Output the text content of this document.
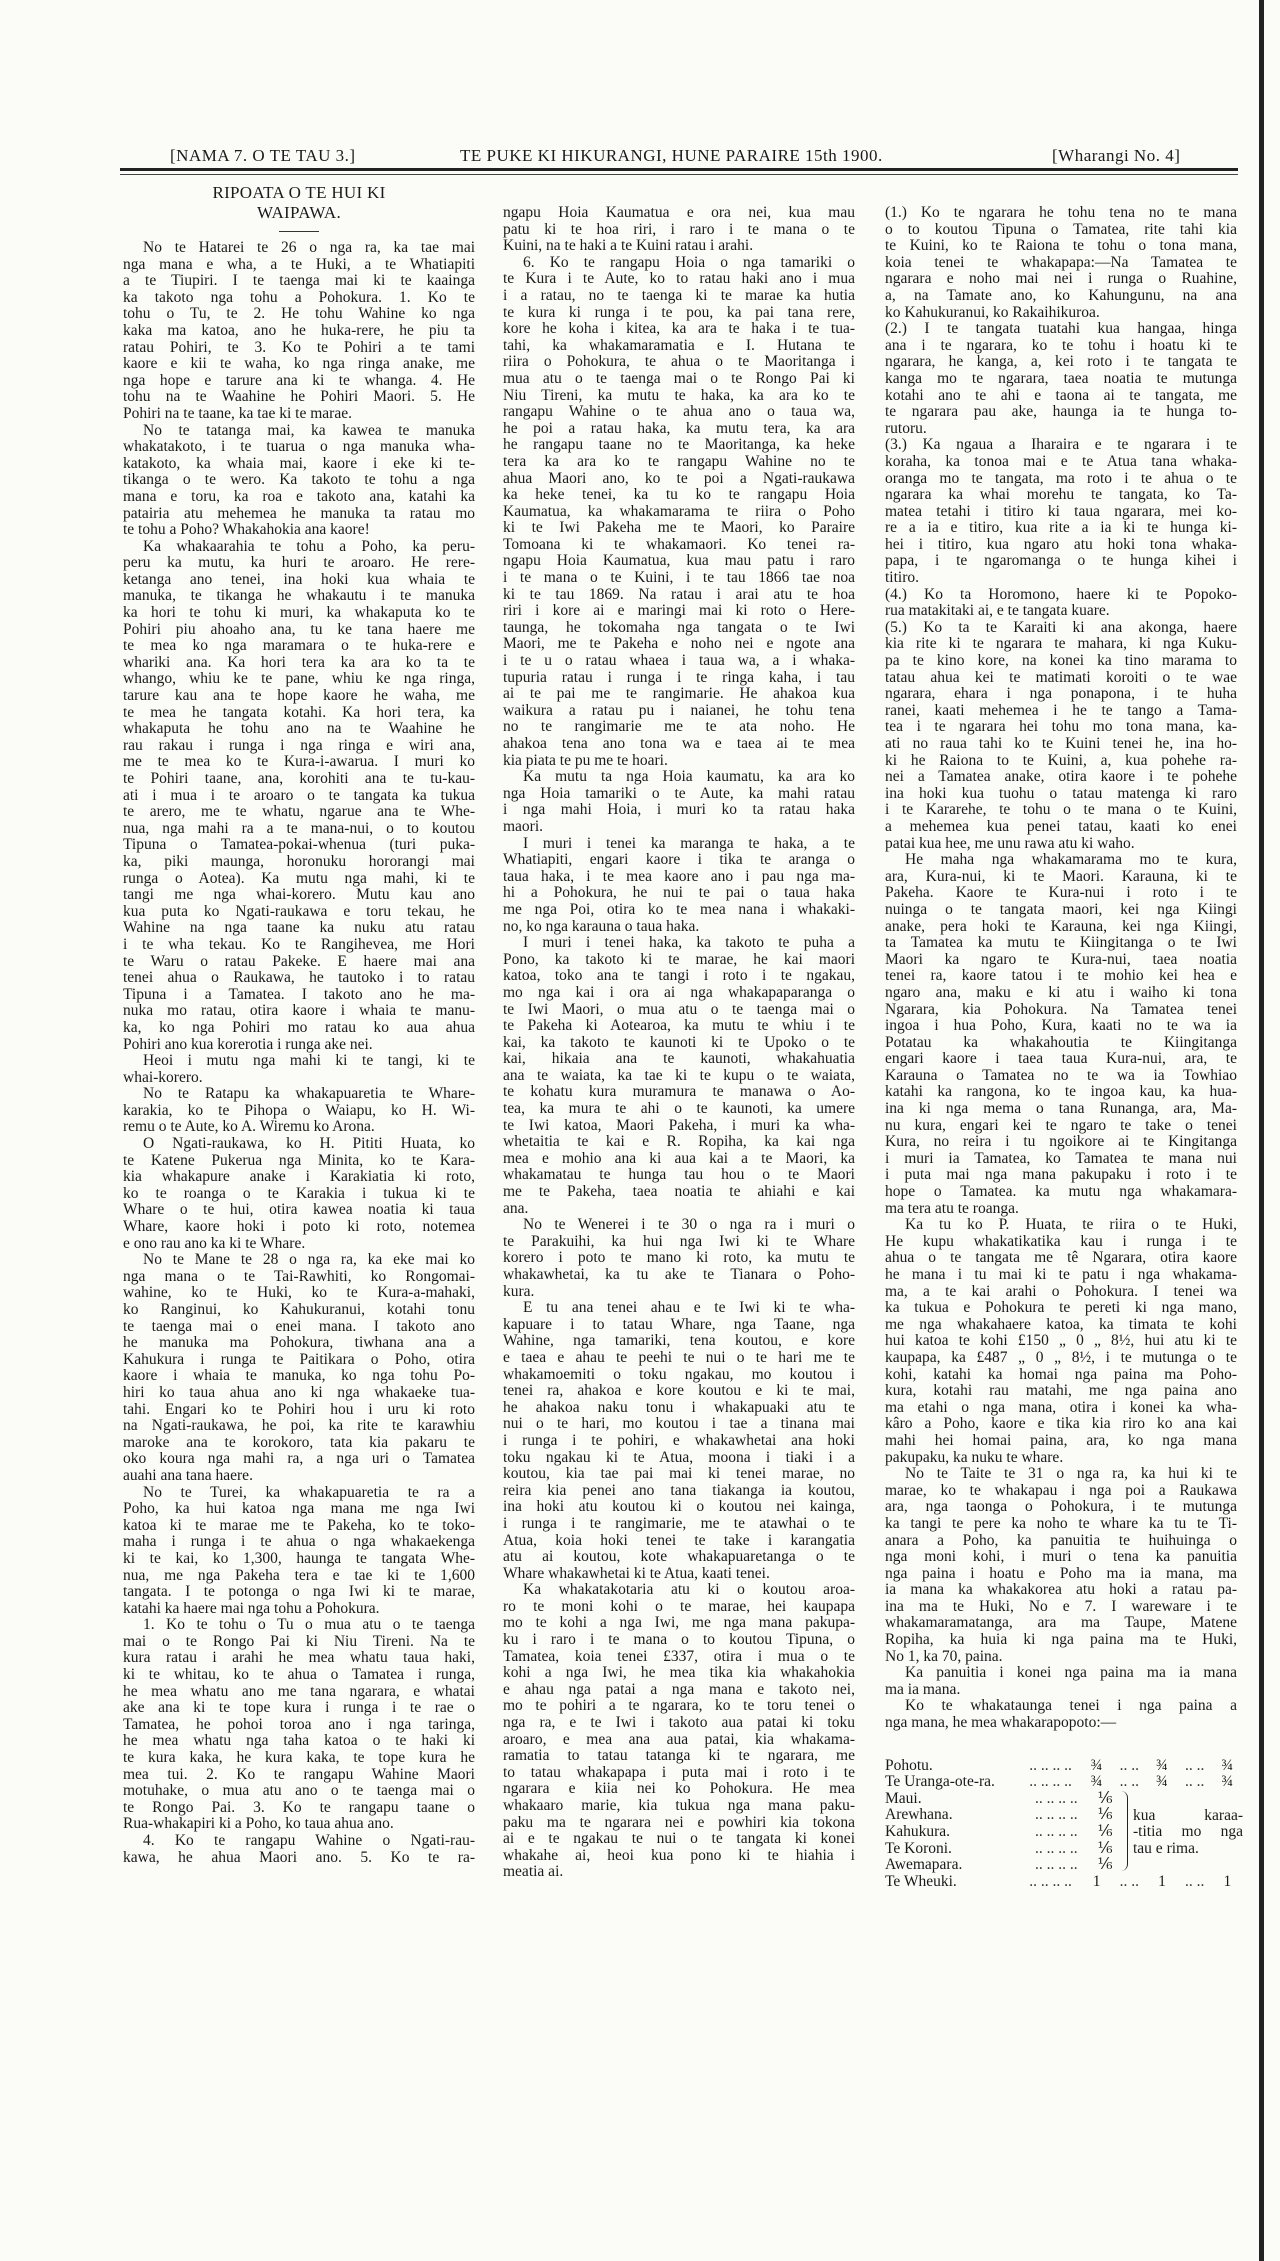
[NAMA 7. O TE TAU 3.]	TE PUKE KI HIKURANGI, HUNE PARAIRE 15th 1900.	[Wharangi No. 4]
RIPOATA O TE HUI KI
WAIPAWA.
No te Hatarei te 26 o nga ra, ka tae mai
nga mana e wha, a te Huki, a te Whatiapiti
a te Tiupiri. I te taenga mai ki te kaainga
ka takoto nga tohu a Pohokura. 1. Ko te
tohu o Tu, te 2. He tohu Wahine ko nga
kaka ma katoa, ano he huka-rere, he piu ta
ratau Pohiri, te 3. Ko te Pohiri a te tami
kaore e kii te waha, ko nga ringa anake, me
nga hope e tarure ana ki te whanga. 4. He
tohu na te Waahine he Pohiri Maori. 5. He
Pohiri na te taane, ka tae ki te marae.
No te tatanga mai, ka kawea te manuka
whakatakoto, i te tuarua o nga manuka wha-
katakoto, ka whaia mai, kaore i eke ki te-
tikanga o te wero. Ka takoto te tohu a nga
mana e toru, ka roa e takoto ana, katahi ka
patairia atu mehemea he manuka ta ratau mo
te tohu a Poho? Whakahokia ana kaore!
Ka whakaarahia te tohu a Poho, ka peru-
peru ka mutu, ka huri te aroaro. He rere-
ketanga ano tenei, ina hoki kua whaia te
manuka, te tikanga he whakautu i te manuka
ka hori te tohu ki muri, ka whakaputa ko te
Pohiri piu ahoaho ana, tu ke tana haere me
te mea ko nga maramara o te huka-rere e
whariki ana. Ka hori tera ka ara ko ta te
whango, whiu ke te pane, whiu ke nga ringa,
tarure kau ana te hope kaore he waha, me
te mea he tangata kotahi. Ka hori tera, ka
whakaputa he tohu ano na te Waahine he
rau rakau i runga i nga ringa e wiri ana,
me te mea ko te Kura-i-awarua. I muri ko
te Pohiri taane, ana, korohiti ana te tu-kau-
ati i mua i te aroaro o te tangata ka tukua
te arero, me te whatu, ngarue ana te Whe-
nua, nga mahi ra a te mana-nui, o to koutou
Tipuna o Tamatea-pokai-whenua (turi puka-
ka, piki maunga, horonuku hororangi mai
runga o Aotea). Ka mutu nga mahi, ki te
tangi me nga whai-korero. Mutu kau ano
kua puta ko Ngati-raukawa e toru tekau, he
Wahine na nga taane ka nuku atu ratau
i te wha tekau. Ko te Rangihevea, me Hori
te Waru o ratau Pakeke. E haere mai ana
tenei ahua o Raukawa, he tautoko i to ratau
Tipuna i a Tamatea. I takoto ano he ma-
nuka mo ratau, otira kaore i whaia te manu-
ka, ko nga Pohiri mo ratau ko aua ahua
Pohiri ano kua korerotia i runga ake nei.
Heoi i mutu nga mahi ki te tangi, ki te
whai-korero.
No te Ratapu ka whakapuaretia te Whare-
karakia, ko te Pihopa o Waiapu, ko H. Wi-
remu o te Aute, ko A. Wiremu ko Arona.
O Ngati-raukawa, ko H. Pititi Huata, ko
te Katene Pukerua nga Minita, ko te Kara-
kia whakapure anake i Karakiatia ki roto,
ko te roanga o te Karakia i tukua ki te
Whare o te hui, otira kawea noatia ki taua
Whare, kaore hoki i poto ki roto, notemea
e ono rau ano ka ki te Whare.
No te Mane te 28 o nga ra, ka eke mai ko
nga mana o te Tai-Rawhiti, ko Rongomai-
wahine, ko te Huki, ko te Kura-a-mahaki,
ko Ranginui, ko Kahukuranui, kotahi tonu
te taenga mai o enei mana. I takoto ano
he manuka ma Pohokura, tiwhana ana a
Kahukura i runga te Paitikara o Poho, otira
kaore i whaia te manuka, ko nga tohu Po-
hiri ko taua ahua ano ki nga whakaeke tua-
tahi. Engari ko te Pohiri hou i uru ki roto
na Ngati-raukawa, he poi, ka rite te karawhiu
maroke ana te korokoro, tata kia pakaru te
oko koura nga mahi ra, a nga uri o Tamatea
auahi ana tana haere.
No te Turei, ka whakapuaretia te ra a
Poho, ka hui katoa nga mana me nga Iwi
katoa ki te marae me te Pakeha, ko te toko-
maha i runga i te ahua o nga whakaekenga
ki te kai, ko 1,300, haunga te tangata Whe-
nua, me nga Pakeha tera e tae ki te 1,600
tangata. I te potonga o nga Iwi ki te marae,
katahi ka haere mai nga tohu a Pohokura.
1. Ko te tohu o Tu o mua atu o te taenga
mai o te Rongo Pai ki Niu Tireni. Na te
kura ratau i arahi he mea whatu taua haki,
ki te whitau, ko te ahua o Tamatea i runga,
he mea whatu ano me tana ngarara, e whatai
ake ana ki te tope kura i runga i te rae o
Tamatea, he pohoi toroa ano i nga taringa,
he mea whatu nga taha katoa o te haki ki
te kura kaka, he kura kaka, te tope kura he
mea tui. 2. Ko te rangapu Wahine Maori
motuhake, o mua atu ano o te taenga mai o
te Rongo Pai. 3. Ko te rangapu taane o
Rua-whakapiri ki a Poho, ko taua ahua ano.
4. Ko te rangapu Wahine o Ngati-rau-
kawa, he ahua Maori ano. 5. Ko te ra-
ngapu Hoia Kaumatua e ora nei, kua mau
patu ki te hoa riri, i raro i te mana o te
Kuini, na te haki a te Kuini ratau i arahi.
6. Ko te rangapu Hoia o nga tamariki o
te Kura i te Aute, ko to ratau haki ano i mua
i a ratau, no te taenga ki te marae ka hutia
te kura ki runga i te pou, ka pai tana rere,
kore he koha i kitea, ka ara te haka i te tua-
tahi, ka whakamaramatia e I. Hutana te
riira o Pohokura, te ahua o te Maoritanga i
mua atu o te taenga mai o te Rongo Pai ki
Niu Tireni, ka mutu te haka, ka ara ko te
rangapu Wahine o te ahua ano o taua wa,
he poi a ratau haka, ka mutu tera, ka ara
he rangapu taane no te Maoritanga, ka heke
tera ka ara ko te rangapu Wahine no te
ahua Maori ano, ko te poi a Ngati-raukawa
ka heke tenei, ka tu ko te rangapu Hoia
Kaumatua, ka whakamarama te riira o Poho
ki te Iwi Pakeha me te Maori, ko Paraire
Tomoana ki te whakamaori. Ko tenei ra-
ngapu Hoia Kaumatua, kua mau patu i raro
i te mana o te Kuini, i te tau 1866 tae noa
ki te tau 1869. Na ratau i arai atu te hoa
riri i kore ai e maringi mai ki roto o Here-
taunga, he tokomaha nga tangata o te Iwi
Maori, me te Pakeha e noho nei e ngote ana
i te u o ratau whaea i taua wa, a i whaka-
tupuria ratau i runga i te ringa kaha, i tau
ai te pai me te rangimarie. He ahakoa kua
waikura a ratau pu i naianei, he tohu tena
no te rangimarie me te ata noho. He
ahakoa tena ano tona wa e taea ai te mea
kia piata te pu me te hoari.
Ka mutu ta nga Hoia kaumatu, ka ara ko
nga Hoia tamariki o te Aute, ka mahi ratau
i nga mahi Hoia, i muri ko ta ratau haka
maori.
I muri i tenei ka maranga te haka, a te
Whatiapiti, engari kaore i tika te aranga o
taua haka, i te mea kaore ano i pau nga ma-
hi a Pohokura, he nui te pai o taua haka
me nga Poi, otira ko te mea nana i whakaki-
no, ko nga karauna o taua haka.
I muri i tenei haka, ka takoto te puha a
Pono, ka takoto ki te marae, he kai maori
katoa, toko ana te tangi i roto i te ngakau,
mo nga kai i ora ai nga whakapaparanga o
te Iwi Maori, o mua atu o te taenga mai o
te Pakeha ki Aotearoa, ka mutu te whiu i te
kai, ka takoto te kaunoti ki te Upoko o te
kai, hikaia ana te kaunoti, whakahuatia
ana te waiata, ka tae ki te kupu o te waiata,
te kohatu kura muramura te manawa o Ao-
tea, ka mura te ahi o te kaunoti, ka umere
te Iwi katoa, Maori Pakeha, i muri ka wha-
whetaitia te kai e R. Ropiha, ka kai nga
mea e mohio ana ki aua kai a te Maori, ka
whakamatau te hunga tau hou o te Maori
me te Pakeha, taea noatia te ahiahi e kai
ana.
No te Wenerei i te 30 o nga ra i muri o
te Parakuihi, ka hui nga Iwi ki te Whare
korero i poto te mano ki roto, ka mutu te
whakawhetai, ka tu ake te Tianara o Poho-
kura.
E tu ana tenei ahau e te Iwi ki te wha-
kapuare i to tatau Whare, nga Taane, nga
Wahine, nga tamariki, tena koutou, e kore
e taea e ahau te peehi te nui o te hari me te
whakamoemiti o toku ngakau, mo koutou i
tenei ra, ahakoa e kore koutou e ki te mai,
he ahakoa naku tonu i whakapuaki atu te
nui o te hari, mo koutou i tae a tinana mai
i runga i te pohiri, e whakawhetai ana hoki
toku ngakau ki te Atua, moona i tiaki i a
koutou, kia tae pai mai ki tenei marae, no
reira kia penei ano tana tiakanga ia koutou,
ina hoki atu koutou ki o koutou nei kainga,
i runga i te rangimarie, me te atawhai o te
Atua, koia hoki tenei te take i karangatia
atu ai koutou, kote whakapuaretanga o te
Whare whakawhetai ki te Atua, kaati tenei.
Ka whakatakotaria atu ki o koutou aroa-
ro te moni kohi o te marae, hei kaupapa
mo te kohi a nga Iwi, me nga mana pakupa-
ku i raro i te mana o to koutou Tipuna, o
Tamatea, koia tenei £337, otira i mua o te
kohi a nga Iwi, he mea tika kia whakahokia
e ahau nga patai a nga mana e takoto nei,
mo te pohiri a te ngarara, ko te toru tenei o
nga ra, e te Iwi i takoto aua patai ki toku
aroaro, e mea ana aua patai, kia whakama-
ramatia to tatau tatanga ki te ngarara, me
to tatau whakapapa i puta mai i roto i te
ngarara e kiia nei ko Pohokura. He mea
whakaaro marie, kia tukua nga mana paku-
paku ma te ngarara nei e powhiri kia tokona
ai e te ngakau te nui o te tangata ki konei
whakahe ai, heoi kua pono ki te hiahia i
meatia ai.
(1.) Ko te ngarara he tohu tena no te mana
o to koutou Tipuna o Tamatea, rite tahi kia
te Kuini, ko te Raiona te tohu o tona mana,
koia tenei te whakapapa:—Na Tamatea te
ngarara e noho mai nei i runga o Ruahine,
a, na Tamate ano, ko Kahungunu, na ana
ko Kahukuranui, ko Rakaihikuroa.
(2.) I te tangata tuatahi kua hangaa, hinga
ana i te ngarara, ko te tohu i hoatu ki te
ngarara, he kanga, a, kei roto i te tangata te
kanga mo te ngarara, taea noatia te mutunga
kotahi ano te ahi e taona ai te tangata, me
te ngarara pau ake, haunga ia te hunga to-
rutoru.
(3.) Ka ngaua a Iharaira e te ngarara i te
koraha, ka tonoa mai e te Atua tana whaka-
oranga mo te tangata, ma roto i te ahua o te
ngarara ka whai morehu te tangata, ko Ta-
matea tetahi i titiro ki taua ngarara, mei ko-
re a ia e titiro, kua rite a ia ki te hunga ki-
hei i titiro, kua ngaro atu hoki tona whaka-
papa, i te ngaromanga o te hunga kihei i
titiro.
(4.) Ko ta Horomono, haere ki te Popoko-
rua matakitaki ai, e te tangata kuare.
(5.) Ko ta te Karaiti ki ana akonga, haere
kia rite ki te ngarara te mahara, ki nga Kuku-
pa te kino kore, na konei ka tino marama to
tatau ahua kei te matimati koroiti o te wae
ngarara, ehara i nga ponapona, i te huha
ranei, kaati mehemea i he te tango a Tama-
tea i te ngarara hei tohu mo tona mana, ka-
ati no raua tahi ko te Kuini tenei he, ina ho-
ki he Raiona to te Kuini, a, kua pohehe ra-
nei a Tamatea anake, otira kaore i te pohehe
ina hoki kua tuohu o tatau matenga ki raro
i te Kararehe, te tohu o te mana o te Kuini,
a mehemea kua penei tatau, kaati ko enei
patai kua hee, me unu rawa atu ki waho.
He maha nga whakamarama mo te kura,
ara, Kura-nui, ki te Maori. Karauna, ki te
Pakeha. Kaore te Kura-nui i roto i te
nuinga o te tangata maori, kei nga Kiingi
anake, pera hoki te Karauna, kei nga Kiingi,
ta Tamatea ka mutu te Kiingitanga o te Iwi
Maori ka ngaro te Kura-nui, taea noatia
tenei ra, kaore tatou i te mohio kei hea e
ngaro ana, maku e ki atu i waiho ki tona
Ngarara, kia Pohokura. Na Tamatea tenei
ingoa i hua Poho, Kura, kaati no te wa ia
Potatau ka whakahoutia te Kiingitanga
engari kaore i taea taua Kura-nui, ara, te
Karauna o Tamatea no te wa ia Towhiao
katahi ka rangona, ko te ingoa kau, ka hua-
ina ki nga mema o tana Runanga, ara, Ma-
nu kura, engari kei te ngaro te take o tenei
Kura, no reira i tu ngoikore ai te Kingitanga
i muri ia Tamatea, ko Tamatea te mana nui
i puta mai nga mana pakupaku i roto i te
hope o Tamatea. ka mutu nga whakamara-
ma tera atu te roanga.
Ka tu ko P. Huata, te riira o te Huki,
He kupu whakatikatika kau i runga i te
ahua o te tangata me tê Ngarara, otira kaore
he mana i tu mai ki te patu i nga whakama-
ma, a te kai arahi o Pohokura. I tenei wa
ka tukua e Pohokura te pereti ki nga mano,
me nga whakahaere katoa, ka timata te kohi
hui katoa te kohi £150 „ 0 „ 8½, hui atu ki te
kaupapa, ka £487 „ 0 „ 8½, i te mutunga o te
kohi, katahi ka homai nga paina ma Poho-
kura, kotahi rau matahi, me nga paina ano
ma etahi o nga mana, otira i konei ka wha-
kâro a Poho, kaore e tika kia riro ko ana kai
mahi hei homai paina, ara, ko nga mana
pakupaku, ka nuku te whare.
No te Taite te 31 o nga ra, ka hui ki te
marae, ko te whakapau i nga poi a Raukawa
ara, nga taonga o Pohokura, i te mutunga
ka tangi te pere ka noho te whare ka tu te Ti-
anara a Poho, ka panuitia te huihuinga o
nga moni kohi, i muri o tena ka panuitia
nga paina i hoatu e Poho ma ia mana, ma
ia mana ka whakakorea atu hoki a ratau pa-
ina ma te Huki, No e 7. I wareware i te
whakamaramatanga, ara ma Taupe, Matene
Ropiha, ka huia ki nga paina ma te Huki,
No 1, ka 70, paina.
Ka panuitia i konei nga paina ma ia mana
ma ia mana.
Ko te whakataunga tenei i nga paina a
nga mana, he mea whakarapopoto:—
kua karaa-
-titia mo nga
tau e rima.
Pohotu.	.. .. .. ..	¾	.. ..	¾	.. ..	¾
Te Uranga-ote-ra.	.. .. .. ..	¾	.. ..	¾	.. ..	¾
Maui.	.. .. .. ..	⅙
Arewhana.	.. .. .. ..	⅙
Kahukura.	.. .. .. ..	⅙
Te Koroni.	.. .. .. ..	⅙
Awemapara.	.. .. .. ..	⅙
Te Wheuki.	.. .. .. ..	1	.. ..	1	.. ..	1
